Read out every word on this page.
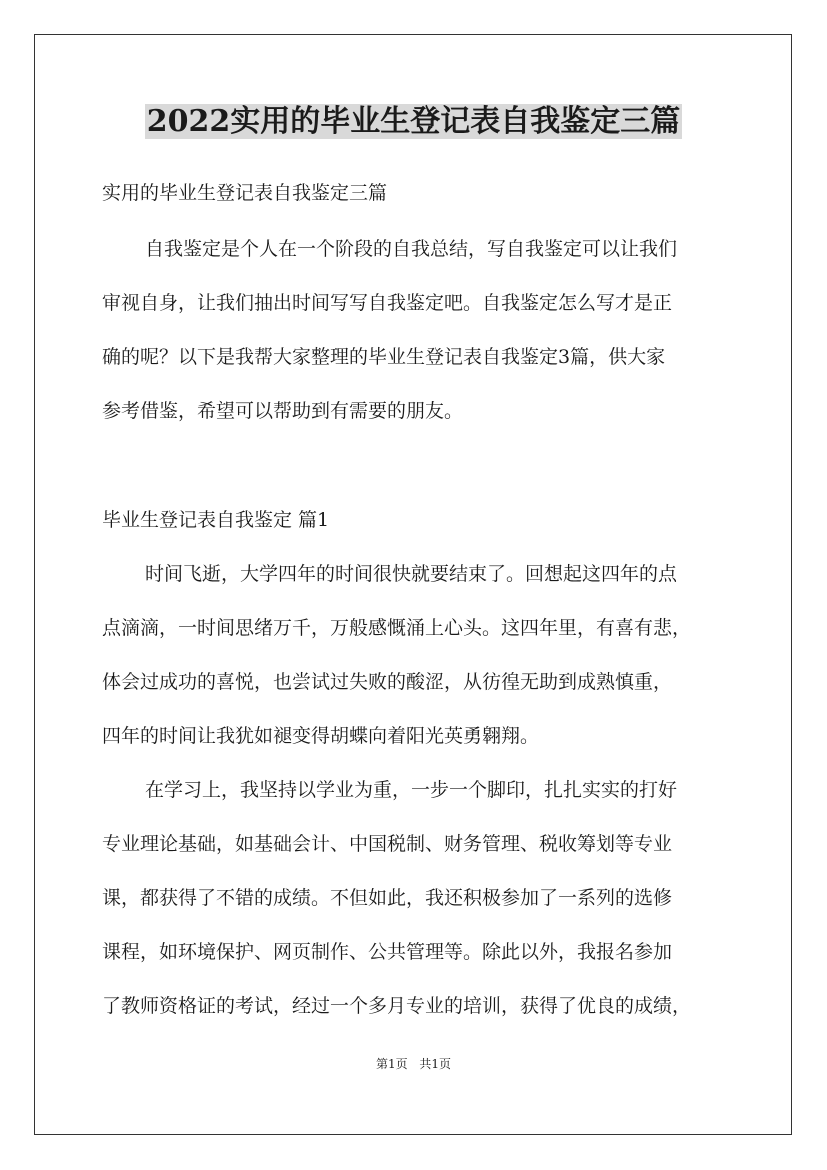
2022实用的毕业生登记表自我鉴定三篇

实用的毕业生登记表自我鉴定三篇

自我鉴定是个人在一个阶段的自我总结，写自我鉴定可以让我们

审视自身，让我们抽出时间写写自我鉴定吧。自我鉴定怎么写才是正

确的呢？以下是我帮大家整理的毕业生登记表自我鉴定3篇，供大家

参考借鉴，希望可以帮助到有需要的朋友。

毕业生登记表自我鉴定 篇1

时间飞逝，大学四年的时间很快就要结束了。回想起这四年的点

点滴滴，一时间思绪万千，万般感慨涌上心头。这四年里，有喜有悲，

体会过成功的喜悦，也尝试过失败的酸涩，从彷徨无助到成熟慎重，

四年的时间让我犹如褪变得胡蝶向着阳光英勇翱翔。

在学习上，我坚持以学业为重，一步一个脚印，扎扎实实的打好

专业理论基础，如基础会计、中国税制、财务管理、税收筹划等专业

课，都获得了不错的成绩。不但如此，我还积极参加了一系列的选修

课程，如环境保护、网页制作、公共管理等。除此以外，我报名参加

了教师资格证的考试，经过一个多月专业的培训，获得了优良的成绩，

第1页 共1页
